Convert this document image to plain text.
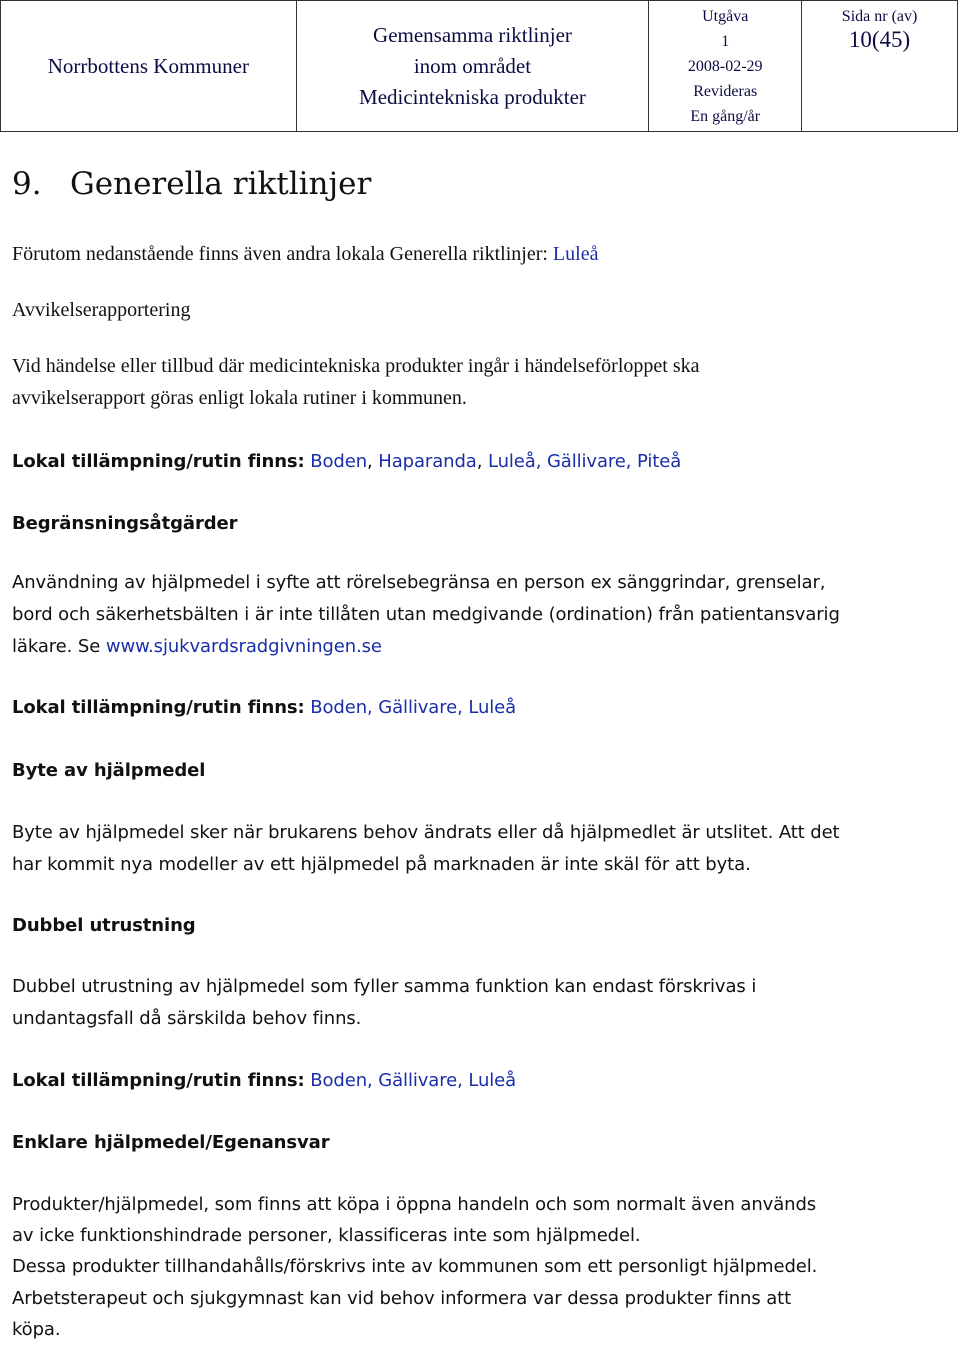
Norrbottens Kommuner	
Gemensamma riktlinjer
inom området
Medicintekniska produkter

Utgåva
1
2008-02-29
Revideras
En gång/år

Sida nr (av)
10(45)
9. Generella riktlinjer
Förutom nedanstående finns även andra lokala Generella riktlinjer: Luleå
Avvikelserapportering
Vid händelse eller tillbud där medicintekniska produkter ingår i händelseförloppet ska
avvikelserapport göras enligt lokala rutiner i kommunen.
Lokal tillämpning/rutin finns: Boden, Haparanda, Luleå, Gällivare, Piteå
Begränsningsåtgärder
Användning av hjälpmedel i syfte att rörelsebegränsa en person ex sänggrindar, grenselar,
bord och säkerhetsbälten i är inte tillåten utan medgivande (ordination) från patientansvarig
läkare. Se www.sjukvardsradgivningen.se
Lokal tillämpning/rutin finns: Boden, Gällivare, Luleå
Byte av hjälpmedel
Byte av hjälpmedel sker när brukarens behov ändrats eller då hjälpmedlet är utslitet. Att det
har kommit nya modeller av ett hjälpmedel på marknaden är inte skäl för att byta.
Dubbel utrustning
Dubbel utrustning av hjälpmedel som fyller samma funktion kan endast förskrivas i
undantagsfall då särskilda behov finns.
Lokal tillämpning/rutin finns: Boden, Gällivare, Luleå
Enklare hjälpmedel/Egenansvar
Produkter/hjälpmedel, som finns att köpa i öppna handeln och som normalt även används
av icke funktionshindrade personer, klassificeras inte som hjälpmedel.
Dessa produkter tillhandahålls/förskrivs inte av kommunen som ett personligt hjälpmedel.
Arbetsterapeut och sjukgymnast kan vid behov informera var dessa produkter finns att
köpa.
